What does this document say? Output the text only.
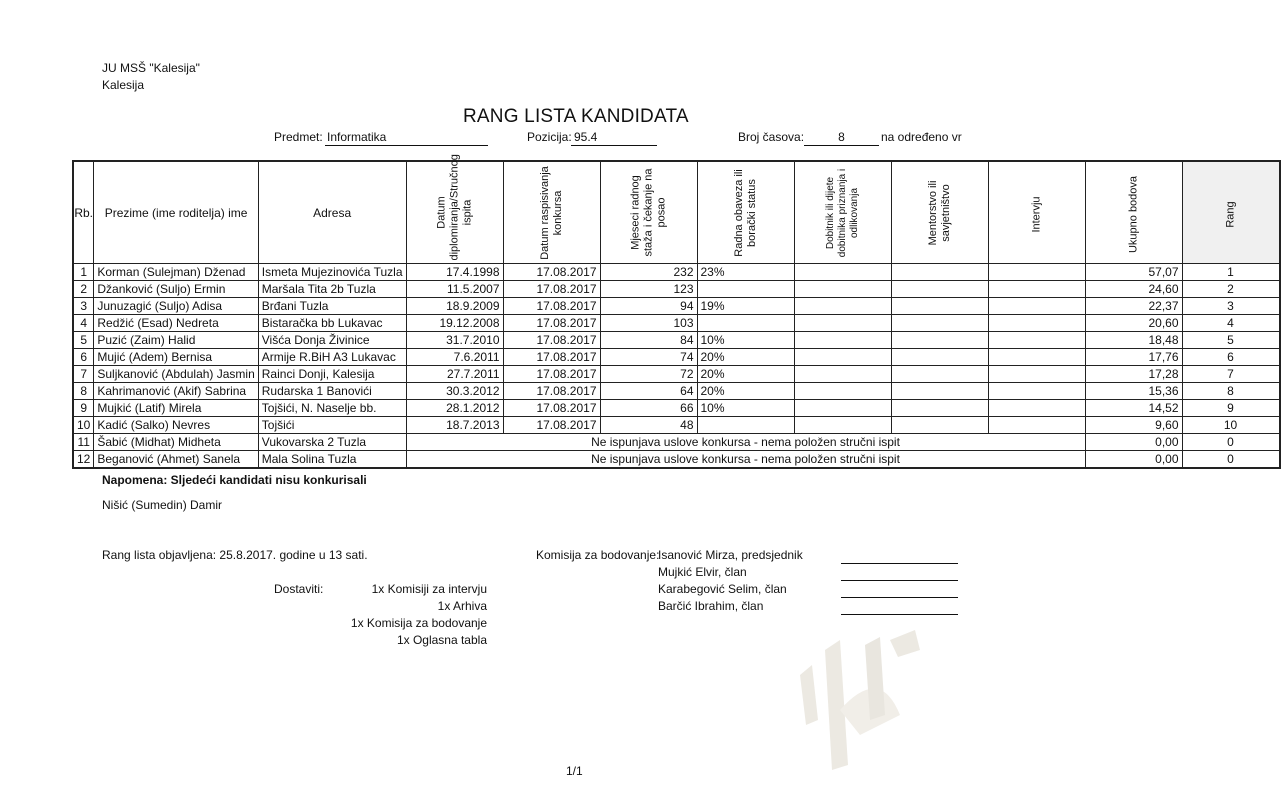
JU MSŠ "Kalesija"
Kalesija
RANG LISTA KANDIDATA
Predmet: Informatika	Pozicija: 95.4	Broj časova:	8	na određeno vr
Rb.	Prezime (ime roditelja) ime	Adresa	Datum diplomiranja/Stručnog ispita	Datum raspisivanja konkursa	Mjeseci radnog staža i čekanje na posao	Radna obaveza ili borački status	Dobitnik ili dijete dobitnika priznanja i odlikovanja	Mentorstvo ili savjetništvo	Intervju	Ukupno bodova	Rang
1	Korman (Sulejman) Dženad	Ismeta Mujezinovića Tuzla	17.4.1998	17.08.2017	232	23%				57,07	1
2	Džanković (Suljo) Ermin	Maršala Tita 2b Tuzla	11.5.2007	17.08.2017	123					24,60	2
3	Junuzagić (Suljo) Adisa	Brđani Tuzla	18.9.2009	17.08.2017	94	19%				22,37	3
4	Redžić (Esad) Nedreta	Bistaračka bb Lukavac	19.12.2008	17.08.2017	103					20,60	4
5	Puzić (Zaim) Halid	Višća Donja Živinice	31.7.2010	17.08.2017	84	10%				18,48	5
6	Mujić (Adem) Bernisa	Armije R.BiH A3 Lukavac	7.6.2011	17.08.2017	74	20%				17,76	6
7	Suljkanović (Abdulah) Jasmin	Rainci Donji, Kalesija	27.7.2011	17.08.2017	72	20%				17,28	7
8	Kahrimanović (Akif) Sabrina	Rudarska 1 Banovići	30.3.2012	17.08.2017	64	20%				15,36	8
9	Mujkić (Latif) Mirela	Tojšići, N. Naselje bb.	28.1.2012	17.08.2017	66	10%				14,52	9
10	Kadić (Salko) Nevres	Tojšići	18.7.2013	17.08.2017	48					9,60	10
11	Šabić (Midhat) Midheta	Vukovarska 2 Tuzla	Ne ispunjava uslove konkursa - nema položen stručni ispit							0,00	0
12	Beganović (Ahmet) Sanela	Mala Solina Tuzla	Ne ispunjava uslove konkursa - nema položen stručni ispit							0,00	0
Napomena: Sljedeći kandidati nisu konkurisali
Nišić (Sumedin) Damir
Rang lista objavljena: 25.8.2017. godine u 13 sati.
Dostaviti:	1x Komisiji za intervju
1x Arhiva
1x Komisija za bodovanje
1x Oglasna tabla
Komisija za bodovanje:
Isanović Mirza, predsjednik
Mujkić Elvir, član
Karabegović Selim, član
Barčić Ibrahim, član
1/1
